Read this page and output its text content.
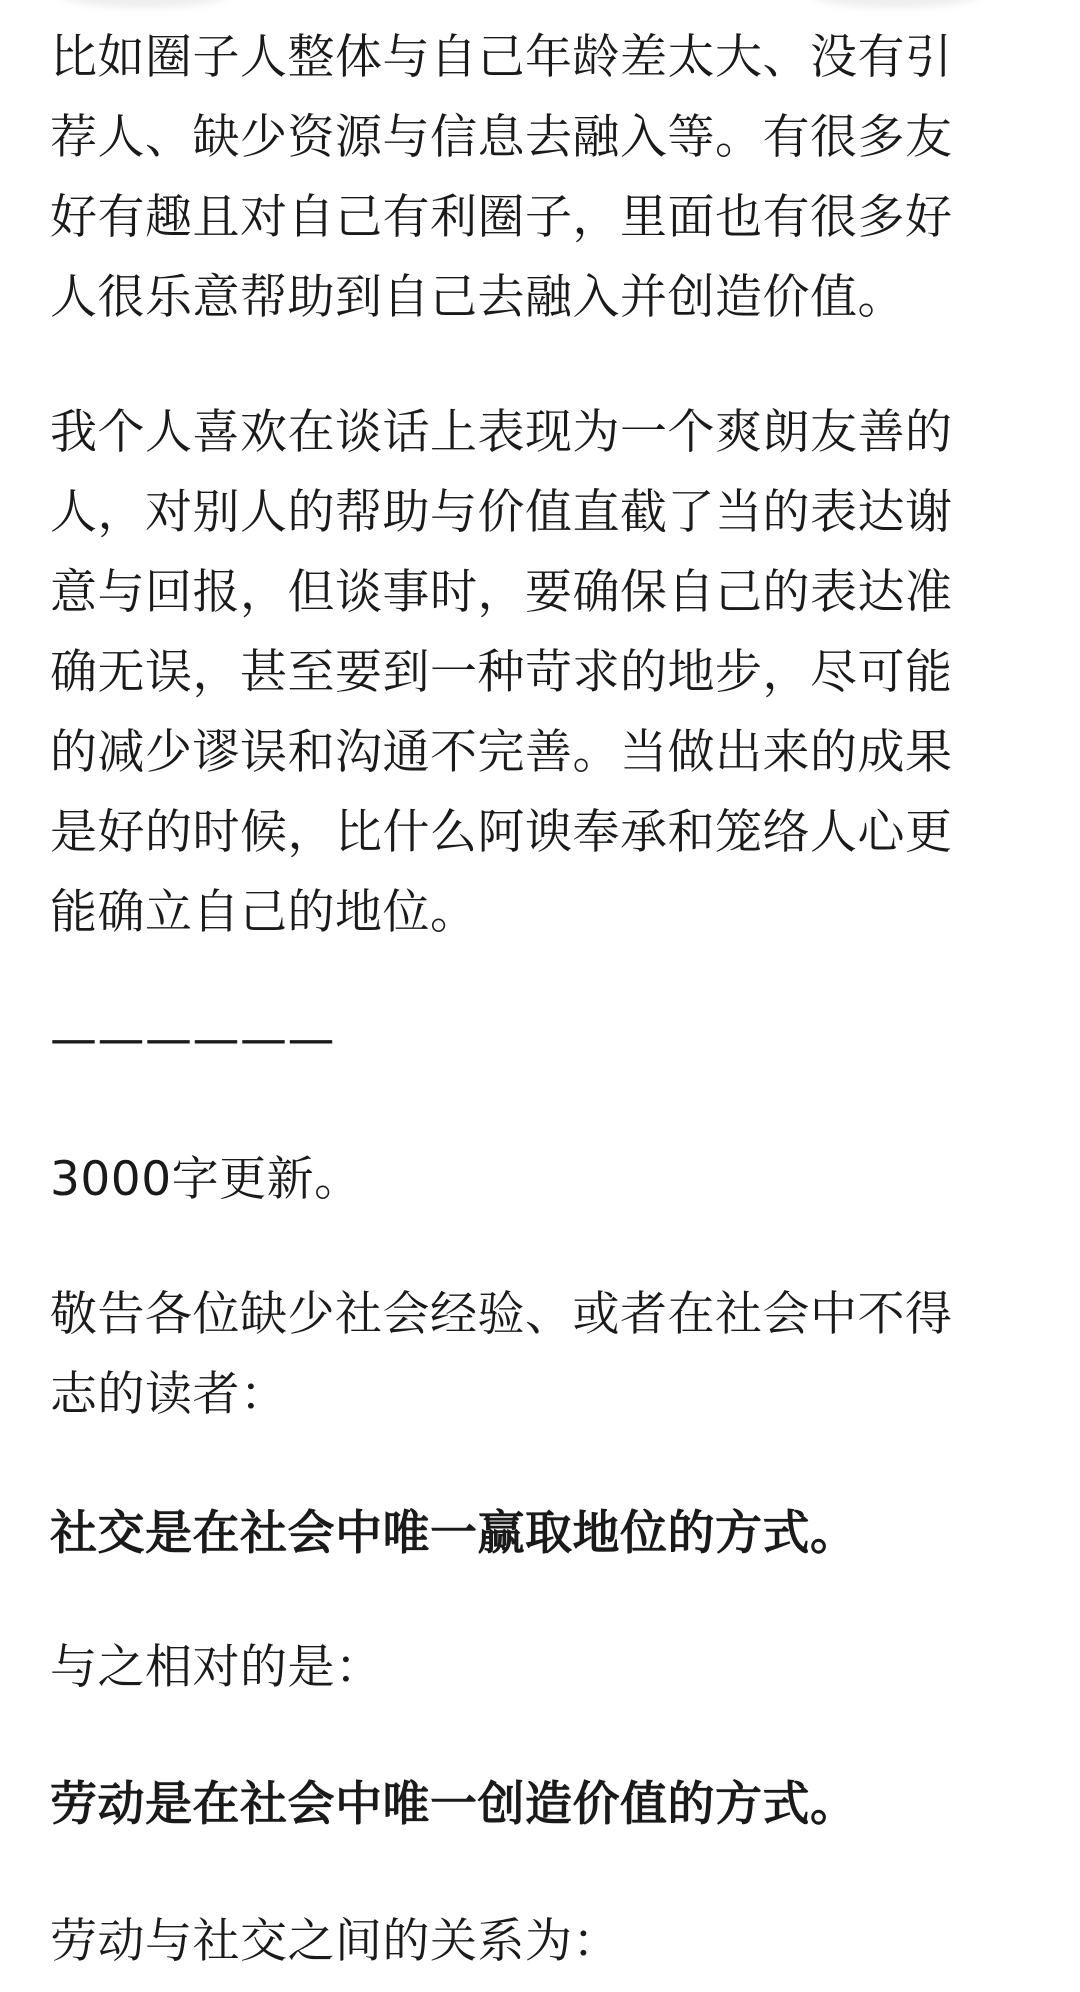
比如圈子人整体与自己年龄差太大、没有引
荐人、缺少资源与信息去融入等。有很多友
好有趣且对自己有利圈子，里面也有很多好
人很乐意帮助到自己去融入并创造价值。

我个人喜欢在谈话上表现为一个爽朗友善的
人，对别人的帮助与价值直截了当的表达谢
意与回报，但谈事时，要确保自己的表达准
确无误，甚至要到一种苛求的地步，尽可能
的减少谬误和沟通不完善。当做出来的成果
是好的时候，比什么阿谀奉承和笼络人心更
能确立自己的地位。

——————

3000字更新。

敬告各位缺少社会经验、或者在社会中不得
志的读者：

社交是在社会中唯一赢取地位的方式。

与之相对的是：

劳动是在社会中唯一创造价值的方式。

劳动与社交之间的关系为：
